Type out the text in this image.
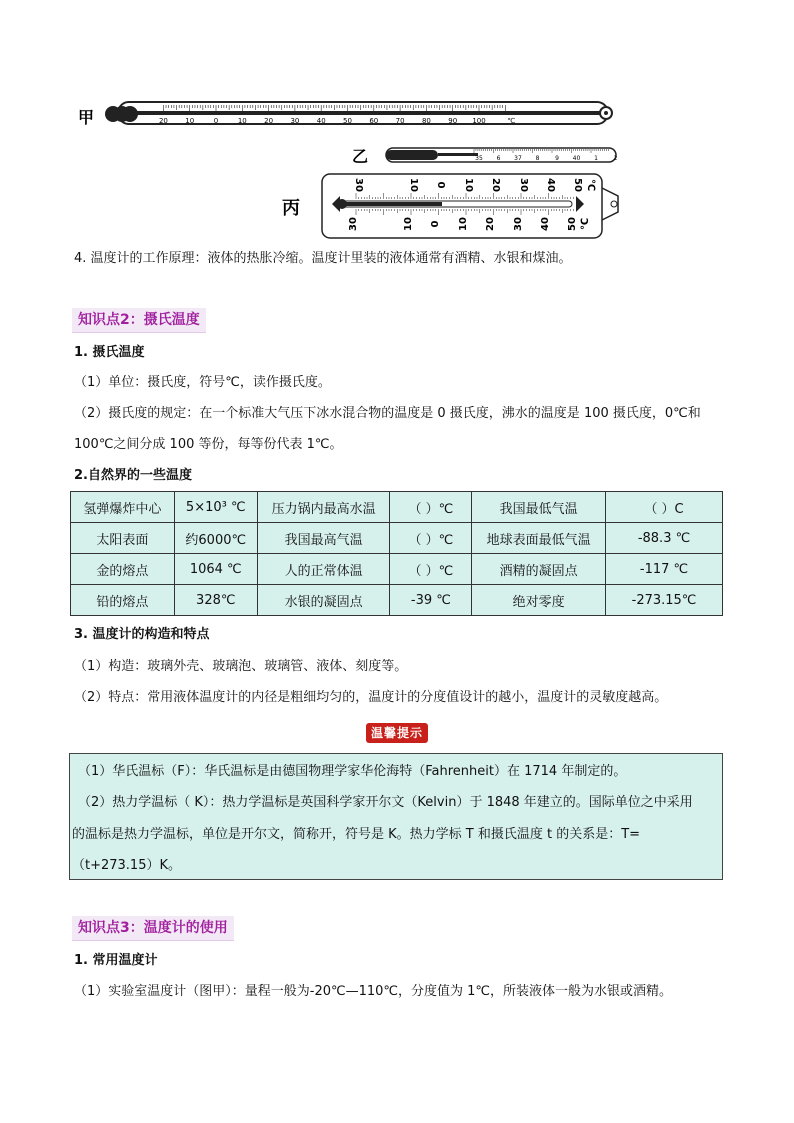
甲	20 10	0	10 20 30 40 50 60 70 80 90 100	℃
乙	35 6 37 8	9 40 1	2
丙
30	10 0 10 20 30 40 50 ℃
30	10 0 10 20 30 40 50 ℃
4. 温度计的工作原理：液体的热胀冷缩。温度计里装的液体通常有酒精、水银和煤油。
知识点2：摄氏温度
1. 摄氏温度
（1）单位：摄氏度，符号℃，读作摄氏度。
（2）摄氏度的规定：在一个标准大气压下冰水混合物的温度是 0 摄氏度，沸水的温度是 100 摄氏度，0℃和
100℃之间分成 100 等份，每等份代表 1℃。
2.自然界的一些温度
氢弹爆炸中心	5×10³ ℃	压力锅内最高水温	（ ）℃	我国最低气温	（ ）C
太阳表面	约6000℃	我国最高气温	（ ）℃	地球表面最低气温	-88.3 ℃
金的熔点	1064 ℃	人的正常体温	（ ）℃	酒精的凝固点	-117 ℃
铅的熔点	328℃	水银的凝固点	-39 ℃	绝对零度	-273.15℃
3. 温度计的构造和特点
（1）构造：玻璃外壳、玻璃泡、玻璃管、液体、刻度等。
（2）特点：常用液体温度计的内径是粗细均匀的，温度计的分度值设计的越小，温度计的灵敏度越高。
温馨提示
（1）华氏温标（F）：华氏温标是由德国物理学家华伦海特（Fahrenheit）在 1714 年制定的。
（2）热力学温标（ K）：热力学温标是英国科学家开尔文（Kelvin）于 1848 年建立的。国际单位之中采用
的温标是热力学温标，单位是开尔文，简称开，符号是 K。热力学标 T 和摄氏温度 t 的关系是：T=
（t+273.15）K。
知识点3：温度计的使用
1. 常用温度计
（1）实验室温度计（图甲）：量程一般为-20℃—110℃，分度值为 1℃，所装液体一般为水银或酒精。
